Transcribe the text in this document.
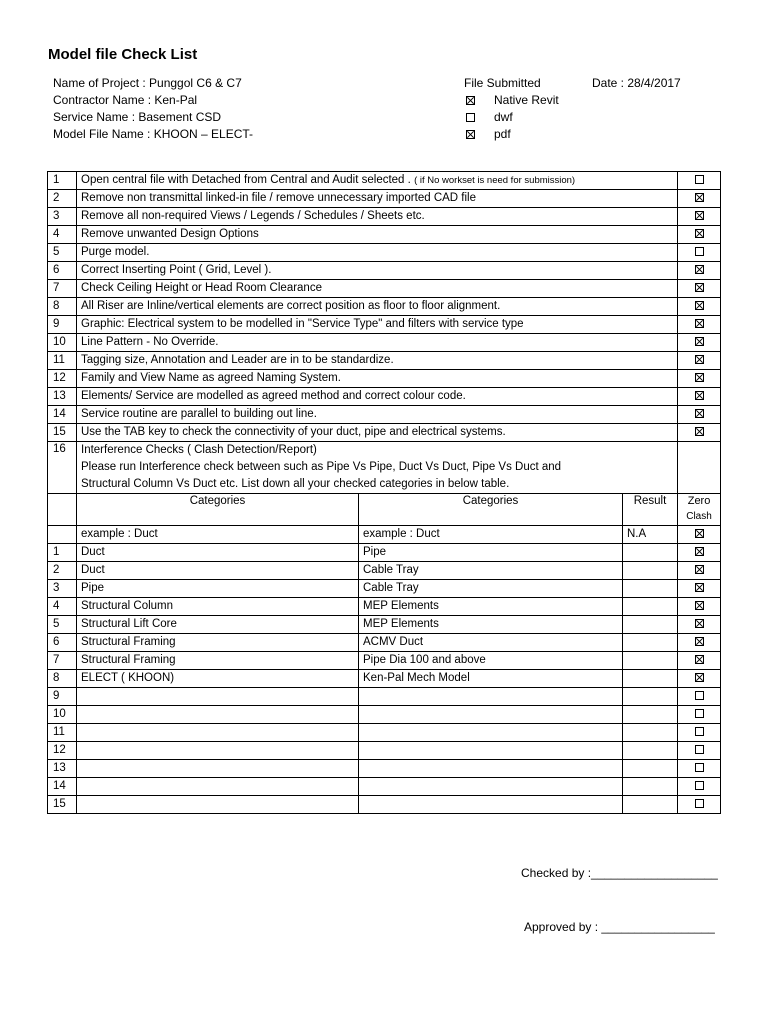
Model file Check List
Name of Project : Punggol C6 & C7
Contractor Name : Ken-Pal
Service Name : Basement CSD
Model File Name : KHOON – ELECT-
File Submitted
Native Revit
dwf
pdf
Date : 28/4/2017
1	Open central file with Detached from Central and Audit selected . ( if No workset is need for submission)			
2	Remove non transmittal linked-in file / remove unnecessary imported CAD file			
3	Remove all non-required Views / Legends / Schedules / Sheets etc.			
4	Remove unwanted Design Options			
5	Purge model.			
6	Correct Inserting Point ( Grid, Level ).			
7	Check Ceiling Height or Head Room Clearance			
8	All Riser are Inline/vertical elements are correct position as floor to floor alignment.			
9	Graphic: Electrical system to be modelled in "Service Type" and filters with service type			
10	Line Pattern - No Override.			
11	Tagging size, Annotation and Leader are in to be standardize.			
12	Family and View Name as agreed Naming System.			
13	Elements/ Service are modelled as agreed method and correct colour code.			
14	Service routine are parallel to building out line.			
15	Use the TAB key to check the connectivity of your duct, pipe and electrical systems.			
16	Interference Checks ( Clash Detection/Report)
Please run Interference check between such as Pipe Vs Pipe, Duct Vs Duct, Pipe Vs Duct and
Structural Column Vs Duct etc. List down all your checked categories in below table.			

	Categories	Categories	Result	Zero
Clash

	example : Duct	example : Duct	N.A	
1	Duct	Pipe		
2	Duct	Cable Tray		
3	Pipe	Cable Tray		
4	Structural Column	MEP Elements		
5	Structural Lift Core	MEP Elements		
6	Structural Framing	ACMV Duct		
7	Structural Framing	Pipe Dia 100 and above		
8	ELECT ( KHOON)	Ken-Pal Mech Model		
9				
10				
11				
12				
13				
14				
15				
Checked by :___________________
Approved by : _________________
